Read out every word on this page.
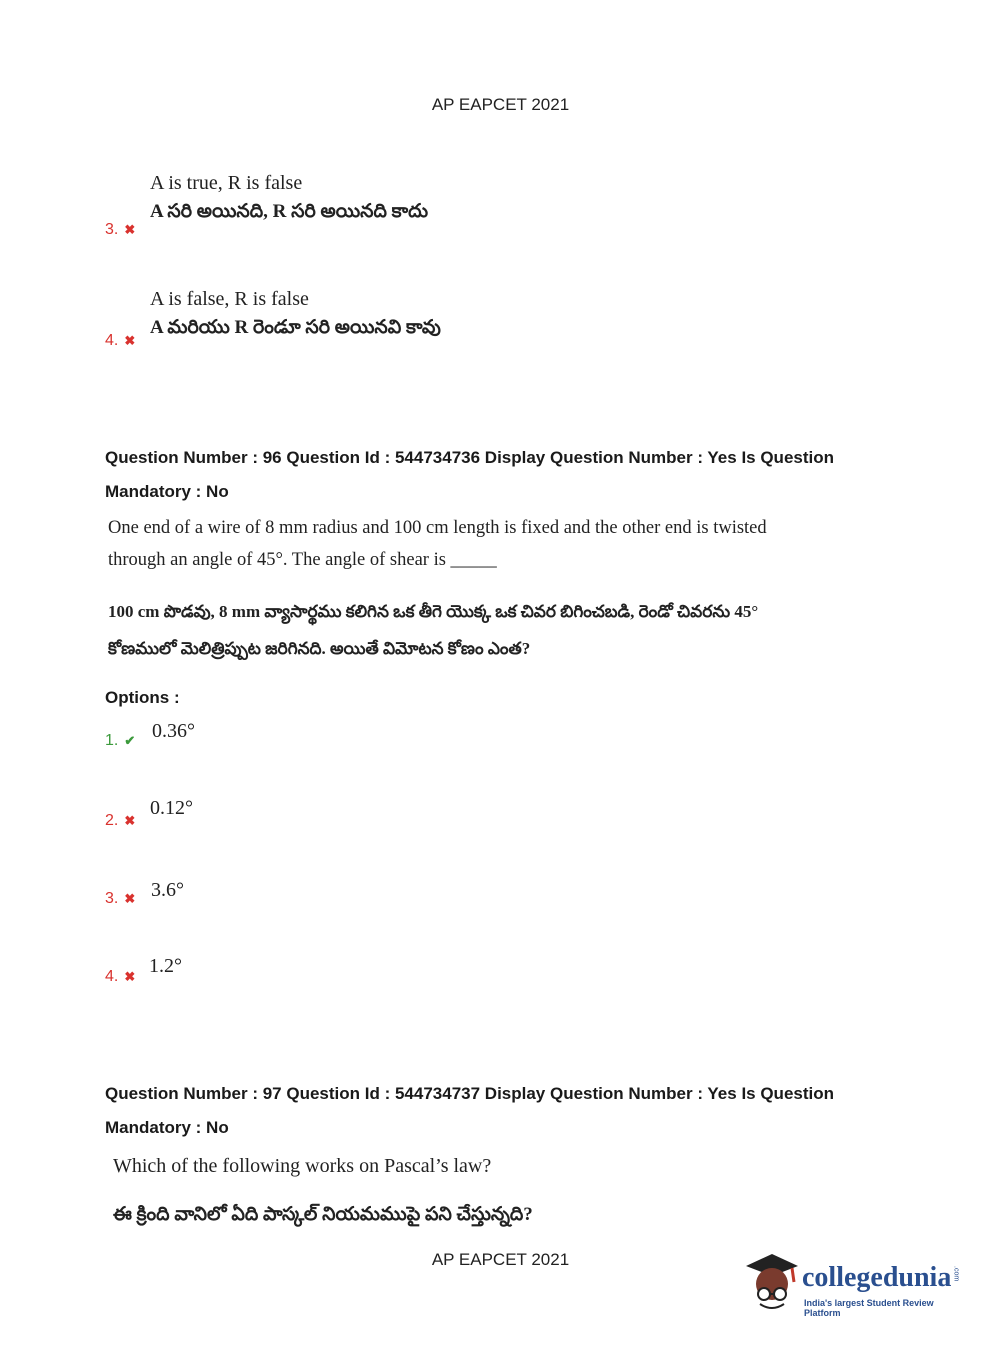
AP EAPCET 2021
A is true, R is false
A సరి అయినది, R సరి అయినది కాదు
3. ✖
A is false, R is false
A మరియు R రెండూ సరి అయినవి కావు
4. ✖
Question Number : 96 Question Id : 544734736 Display Question Number : Yes Is Question
Mandatory : No
One end of a wire of 8 mm radius and 100 cm length is fixed and the other end is twisted
through an angle of 45°. The angle of shear is _____
100 cm పొడవు, 8 mm వ్యాసార్థము కలిగిన ఒక తీగె యొక్క ఒక చివర బిగించబడి, రెండో చివరను 45°
కోణములో మెలిత్రిప్పుట జరిగినది. అయితే విమోటన కోణం ఎంత?
Options :
1. ✔ 0.36°
2. ✖
0.12°
3. ✖ 3.6°
4. ✖ 1.2°
Question Number : 97 Question Id : 544734737 Display Question Number : Yes Is Question
Mandatory : No
Which of the following works on Pascal’s law?
ఈ క్రింది వానిలో ఏది పాస్కల్ నియమముపై పని చేస్తున్నది?
AP EAPCET 2021
collegedunia .com
India's largest Student Review Platform
